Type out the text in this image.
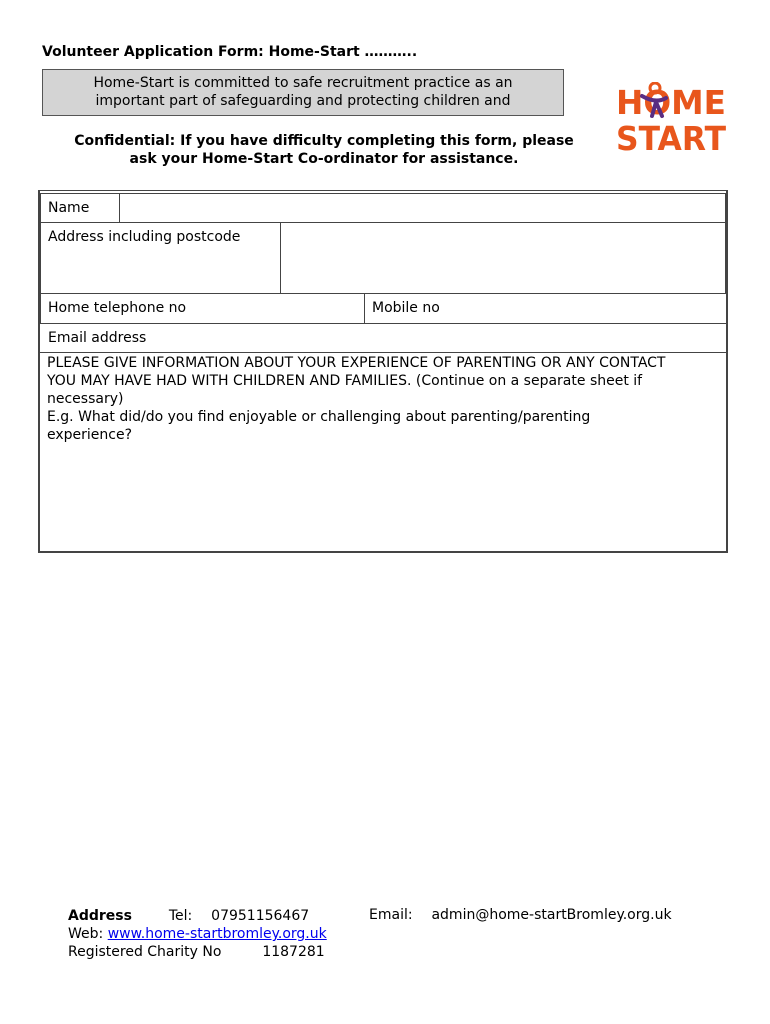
Volunteer Application Form: Home-Start ………..
Home-Start is committed to safe recruitment practice as an
important part of safeguarding and protecting children and	HOME
START
Confidential: If you have difficulty completing this form, please
ask your Home-Start Co-ordinator for assistance.
Name
Address including postcode
Home telephone no	Mobile no
Email address
PLEASE GIVE INFORMATION ABOUT YOUR EXPERIENCE OF PARENTING OR ANY CONTACT
YOU MAY HAVE HAD WITH CHILDREN AND FAMILIES. (Continue on a separate sheet if
necessary)
E.g. What did/do you find enjoyable or challenging about parenting/parenting
experience?
Address	Tel: 07951156467
Web: www.home-startbromley.org.uk
Registered Charity No	1187281
Email: admin@home-startBromley.org.uk
